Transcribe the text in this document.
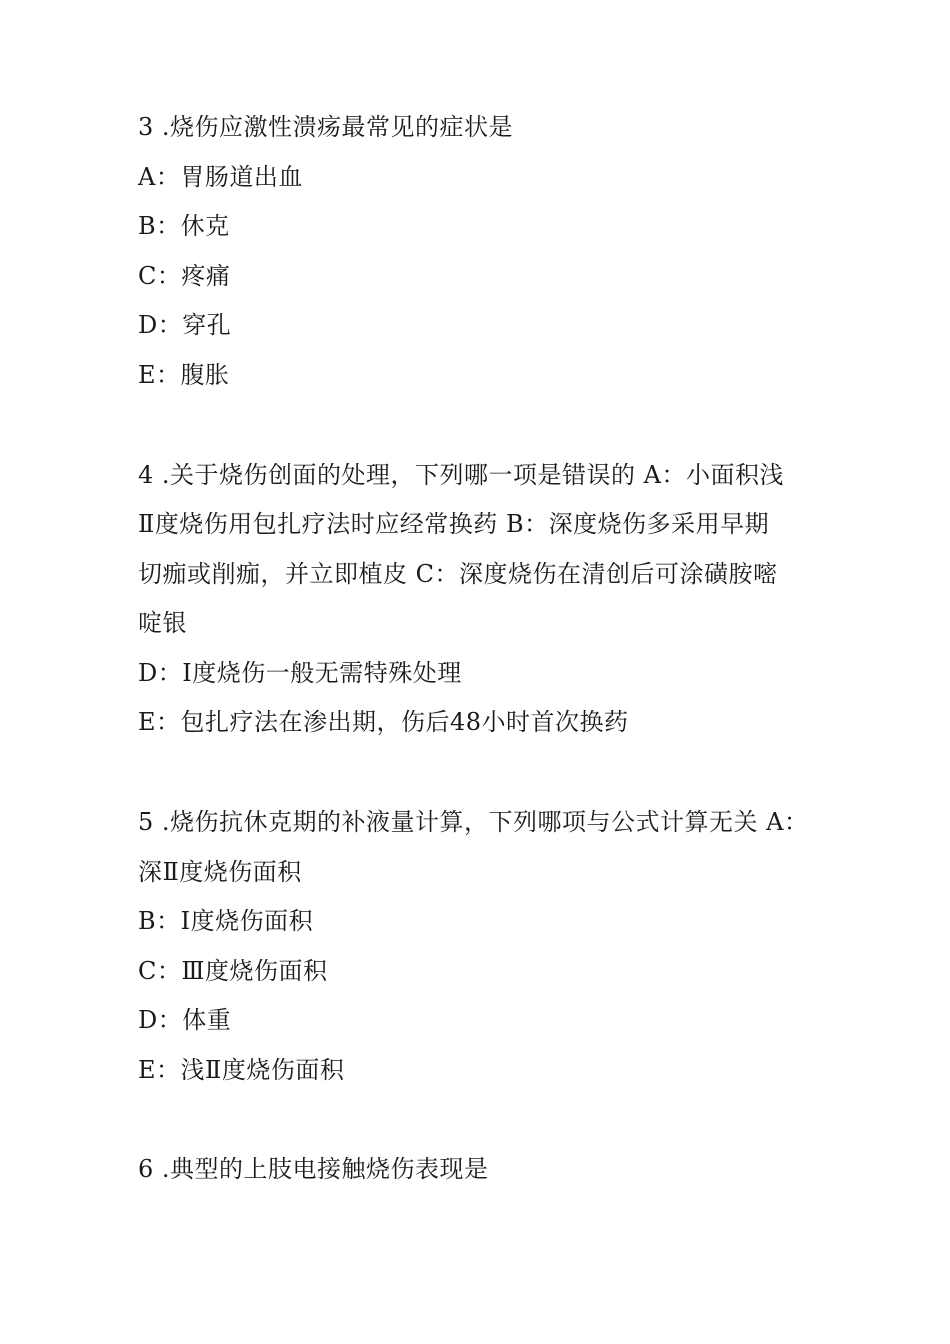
3 .烧伤应激性溃疡最常见的症状是
A：胃肠道出血
B：休克
C：疼痛
D：穿孔
E：腹胀
4 .关于烧伤创面的处理，下列哪一项是错误的 A：小面积浅
Ⅱ度烧伤用包扎疗法时应经常换药 B：深度烧伤多采用早期
切痂或削痂，并立即植皮 C：深度烧伤在清创后可涂磺胺嘧
啶银
D：I度烧伤一般无需特殊处理
E：包扎疗法在渗出期，伤后48小时首次换药
5 .烧伤抗休克期的补液量计算，下列哪项与公式计算无关 A：
深Ⅱ度烧伤面积
B：I度烧伤面积
C：Ⅲ度烧伤面积
D：体重
E：浅Ⅱ度烧伤面积
6 .典型的上肢电接触烧伤表现是
